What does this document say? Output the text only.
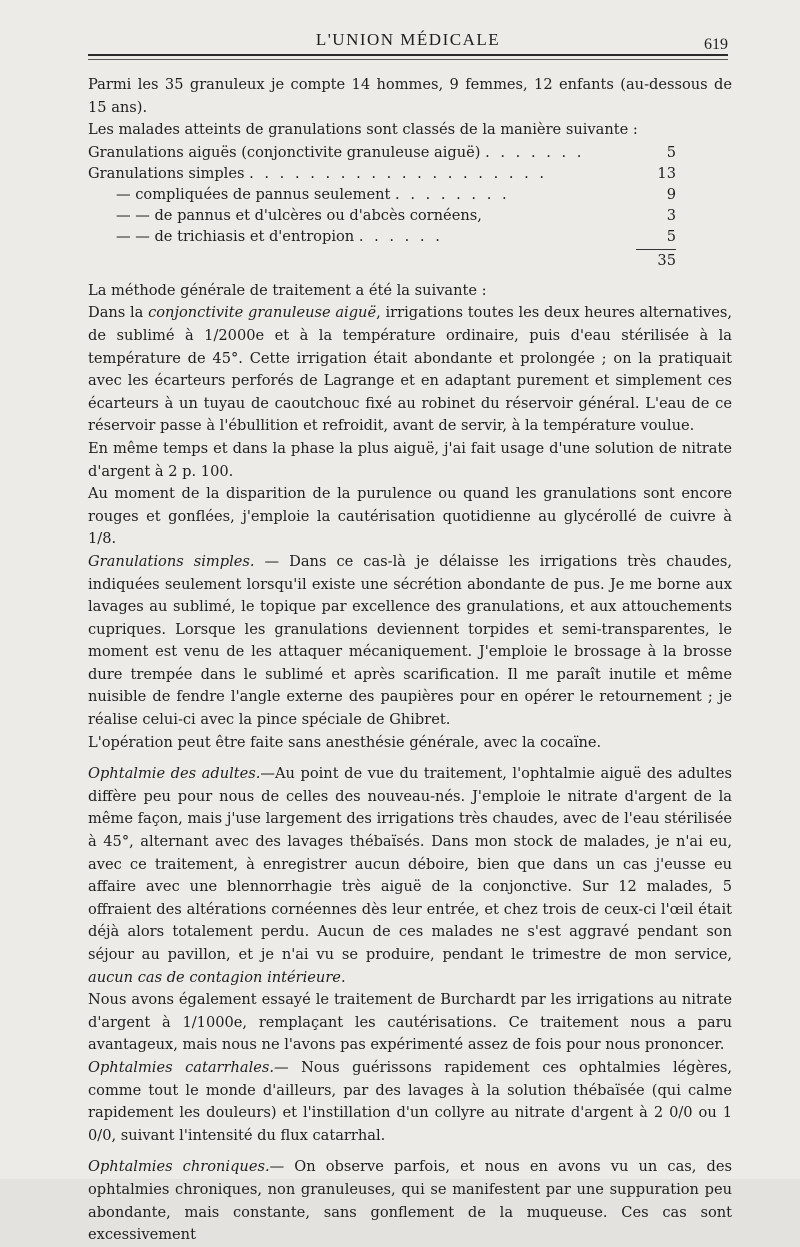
L'UNION MÉDICALE	619

Parmi les 35 granuleux je compte 14 hommes, 9 femmes, 12 enfants (au-dessous de 15 ans).

Les malades atteints de granulations sont classés de la manière suivante :

Granulations aiguës (conjonctivite granuleuse aiguë) . . . . . . .	5
Granulations simples . . . . . . . . . . . . . . . . . . . .	13
— compliquées de pannus seulement . . . . . . . .	9
— — de pannus et d'ulcères ou d'abcès cornéens,	3
— — de trichiasis et d'entropion . . . . . .	5

35

La méthode générale de traitement a été la suivante :

Dans la conjonctivite granuleuse aiguë, irrigations toutes les deux heures alternatives, de sublimé à 1/2000e et à la température ordinaire, puis d'eau stérilisée à la température de 45°. Cette irrigation était abondante et prolongée ; on la pratiquait avec les écarteurs perforés de Lagrange et en adaptant purement et simplement ces écarteurs à un tuyau de caoutchouc fixé au robinet du réservoir général. L'eau de ce réservoir passe à l'ébullition et refroidit, avant de servir, à la température voulue.

En même temps et dans la phase la plus aiguë, j'ai fait usage d'une solution de nitrate d'argent à 2 p. 100.

Au moment de la disparition de la purulence ou quand les granulations sont encore rouges et gonflées, j'emploie la cautérisation quotidienne au glycérollé de cuivre à 1/8.

Granulations simples. — Dans ce cas-là je délaisse les irrigations très chaudes, indiquées seulement lorsqu'il existe une sécrétion abondante de pus. Je me borne aux lavages au sublimé, le topique par excellence des granulations, et aux attouchements cupriques. Lorsque les granulations deviennent torpides et semi-transparentes, le moment est venu de les attaquer mécaniquement. J'emploie le brossage à la brosse dure trempée dans le sublimé et après scarification. Il me paraît inutile et même nuisible de fendre l'angle externe des paupières pour en opérer le retournement ; je réalise celui-ci avec la pince spéciale de Ghibret.

L'opération peut être faite sans anesthésie générale, avec la cocaïne.

Ophtalmie des adultes.—Au point de vue du traitement, l'ophtalmie aiguë des adultes diffère peu pour nous de celles des nouveau-nés. J'emploie le nitrate d'argent de la même façon, mais j'use largement des irrigations très chaudes, avec de l'eau stérilisée à 45°, alternant avec des lavages thébaïsés. Dans mon stock de malades, je n'ai eu, avec ce traitement, à enregistrer aucun déboire, bien que dans un cas j'eusse eu affaire avec une blennorrhagie très aiguë de la conjonctive. Sur 12 malades, 5 offraient des altérations cornéennes dès leur entrée, et chez trois de ceux-ci l'œil était déjà alors totalement perdu. Aucun de ces malades ne s'est aggravé pendant son séjour au pavillon, et je n'ai vu se produire, pendant le trimestre de mon service, aucun cas de contagion intérieure.

Nous avons également essayé le traitement de Burchardt par les irrigations au nitrate d'argent à 1/1000e, remplaçant les cautérisations. Ce traitement nous a paru avantageux, mais nous ne l'avons pas expérimenté assez de fois pour nous prononcer.

Ophtalmies catarrhales.— Nous guérissons rapidement ces ophtalmies légères, comme tout le monde d'ailleurs, par des lavages à la solution thébaïsée (qui calme rapidement les douleurs) et l'instillation d'un collyre au nitrate d'argent à 2 0/0 ou 1 0/0, suivant l'intensité du flux catarrhal.

Ophtalmies chroniques.— On observe parfois, et nous en avons vu un cas, des ophtalmies chroniques, non granuleuses, qui se manifestent par une suppuration peu abondante, mais constante, sans gonflement de la muqueuse. Ces cas sont excessivement
